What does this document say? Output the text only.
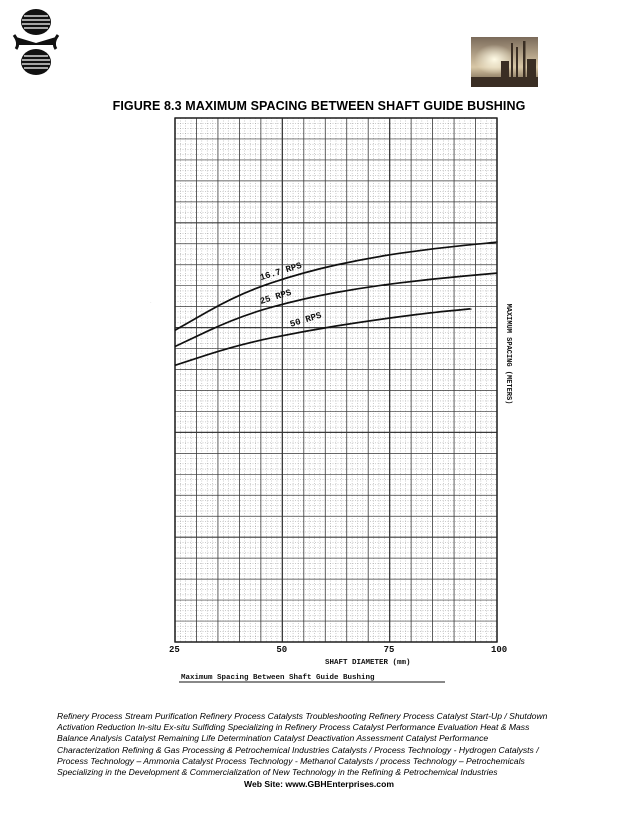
FIGURE 8.3 MAXIMUM SPACING BETWEEN SHAFT GUIDE BUSHING
16.7 RPS
25 RPS
50 RPS
25	50	75	100
SHAFT DIAMETER (mm)
MAXIMUM SPACING (METERS)
Maximum Spacing Between Shaft Guide Bushing
·
Refinery Process Stream Purification Refinery Process Catalysts Troubleshooting Refinery Process Catalyst Start-Up / Shutdown
Activation Reduction In-situ Ex-situ Sulfiding Specializing in Refinery Process Catalyst Performance Evaluation Heat & Mass
Balance Analysis Catalyst Remaining Life Determination Catalyst Deactivation Assessment Catalyst Performance
Characterization Refining & Gas Processing & Petrochemical Industries Catalysts / Process Technology - Hydrogen Catalysts /
Process Technology – Ammonia Catalyst Process Technology - Methanol Catalysts / process Technology – Petrochemicals
Specializing in the Development & Commercialization of New Technology in the Refining & Petrochemical Industries
Web Site: www.GBHEnterprises.com
